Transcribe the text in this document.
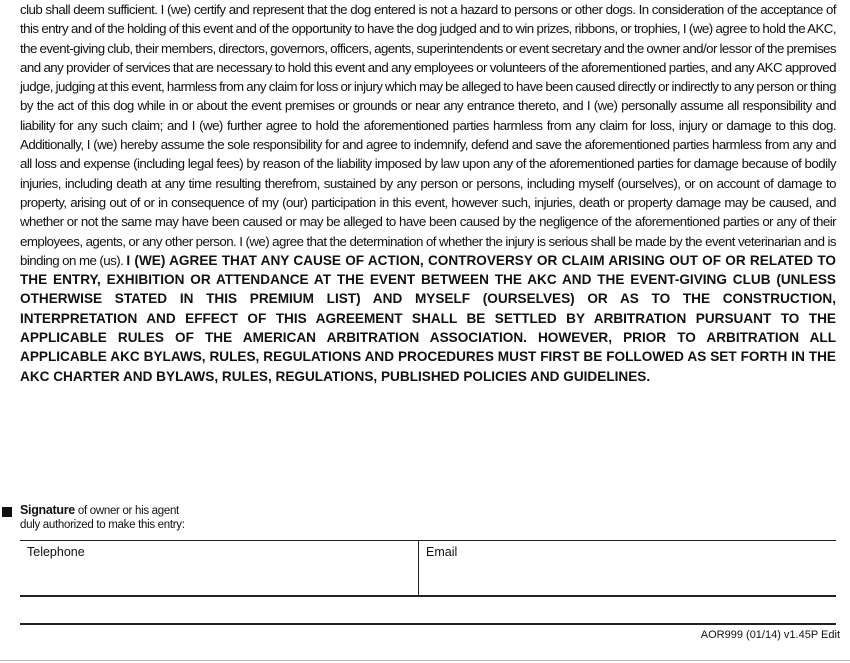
club shall deem sufficient. I (we) certify and represent that the dog entered is not a hazard to persons or other dogs. In consideration of the acceptance of this entry and of the holding of this event and of the opportunity to have the dog judged and to win prizes, ribbons, or trophies, I (we) agree to hold the AKC, the event-giving club, their members, directors, governors, officers, agents, superintendents or event secretary and the owner and/or lessor of the premises and any provider of services that are necessary to hold this event and any employees or volunteers of the aforementioned parties, and any AKC approved judge, judging at this event, harmless from any claim for loss or injury which may be alleged to have been caused directly or indirectly to any person or thing by the act of this dog while in or about the event premises or grounds or near any entrance thereto, and I (we) personally assume all responsibility and liability for any such claim; and I (we) further agree to hold the aforementioned parties harmless from any claim for loss, injury or damage to this dog. Additionally, I (we) hereby assume the sole responsibility for and agree to indemnify, defend and save the aforementioned parties harmless from any and all loss and expense (including legal fees) by reason of the liability imposed by law upon any of the aforementioned parties for damage because of bodily injuries, including death at any time resulting therefrom, sustained by any person or persons, including myself (ourselves), or on account of damage to property, arising out of or in consequence of my (our) participation in this event, however such, injuries, death or property damage may be caused, and whether or not the same may have been caused or may be alleged to have been caused by the negligence of the aforementioned parties or any of their employees, agents, or any other person. I (we) agree that the determination of whether the injury is serious shall be made by the event veterinarian and is binding on me (us). I (WE) AGREE THAT ANY CAUSE OF ACTION, CONTROVERSY OR CLAIM ARISING OUT OF OR RELATED TO THE ENTRY, EXHIBITION OR ATTENDANCE AT THE EVENT BETWEEN THE AKC AND THE EVENT-GIVING CLUB (UNLESS OTHERWISE STATED IN THIS PREMIUM LIST) AND MYSELF (OURSELVES) OR AS TO THE CONSTRUCTION, INTERPRETATION AND EFFECT OF THIS AGREEMENT SHALL BE SETTLED BY ARBITRATION PURSUANT TO THE APPLICABLE RULES OF THE AMERICAN ARBITRATION ASSOCIATION. HOWEVER, PRIOR TO ARBITRATION ALL APPLICABLE AKC BYLAWS, RULES, REGULATIONS AND PROCEDURES MUST FIRST BE FOLLOWED AS SET FORTH IN THE AKC CHARTER AND BYLAWS, RULES, REGULATIONS, PUBLISHED POLICIES AND GUIDELINES.

Signature of owner or his agent
duly authorized to make this entry:
Telephone	Email
AOR999 (01/14) v1.45P Edit
